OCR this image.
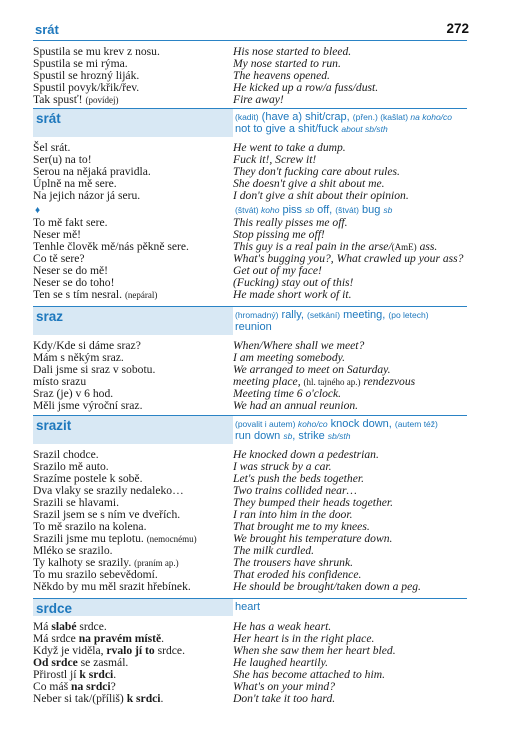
srát	272
Spustila se mu krev z nosu.	His nose started to bleed.
Spustila se mi rýma.	My nose started to run.
Spustil se hrozný liják.	The heavens opened.
Spustil povyk/křik/řev.	He kicked up a row/a fuss/dust.
Tak spusť! (povídej)	Fire away!
srát	(kadit) (have a) shit/crap, (přen.) (kašlat) na koho/co
not to give a shit/fuck about sb/sth
Šel srát.	He went to take a dump.
Ser(u) na to!	Fuck it!, Screw it!
Serou na nějaká pravidla.	They don't fucking care about rules.
Úplně na mě sere.	She doesn't give a shit about me.
Na jejich názor já seru.	I don't give a shit about their opinion.
♦	(štvát) koho piss sb off, (štvát) bug sb
To mě fakt sere.	This really pisses me off.
Neser mě!	Stop pissing me off!
Tenhle člověk mě/nás pěkně sere.	This guy is a real pain in the arse/(AmE) ass.
Co tě sere?	What's bugging you?, What crawled up your ass?
Neser se do mě!	Get out of my face!
Neser se do toho!	(Fucking) stay out of this!
Ten se s tím nesral. (nepáral)	He made short work of it.
sraz	(hromadný) rally, (setkání) meeting, (po letech)
reunion
Kdy/Kde si dáme sraz?	When/Where shall we meet?
Mám s někým sraz.	I am meeting somebody.
Dali jsme si sraz v sobotu.	We arranged to meet on Saturday.
místo srazu	meeting place, (hl. tajného ap.) rendezvous
Sraz (je) v 6 hod.	Meeting time 6 o'clock.
Měli jsme výroční sraz.	We had an annual reunion.
srazit	(povalit i autem) koho/co knock down, (autem též)
run down sb, strike sb/sth
Srazil chodce.	He knocked down a pedestrian.
Srazilo mě auto.	I was struck by a car.
Srazíme postele k sobě.	Let's push the beds together.
Dva vlaky se srazily nedaleko…	Two trains collided near…
Srazili se hlavami.	They bumped their heads together.
Srazil jsem se s ním ve dveřích.	I ran into him in the door.
To mě srazilo na kolena.	That brought me to my knees.
Srazili jsme mu teplotu. (nemocnému)	We brought his temperature down.
Mléko se srazilo.	The milk curdled.
Ty kalhoty se srazily. (praním ap.)	The trousers have shrunk.
To mu srazilo sebevědomí.	That eroded his confidence.
Někdo by mu měl srazit hřebínek.	He should be brought/taken down a peg.
srdce	heart
Má slabé srdce.	He has a weak heart.
Má srdce na pravém místě.	Her heart is in the right place.
Když je viděla, rvalo jí to srdce.	When she saw them her heart bled.
Od srdce se zasmál.	He laughed heartily.
Přirostl jí k srdci.	She has become attached to him.
Co máš na srdci?	What's on your mind?
Neber si tak/(příliš) k srdci.	Don't take it too hard.
